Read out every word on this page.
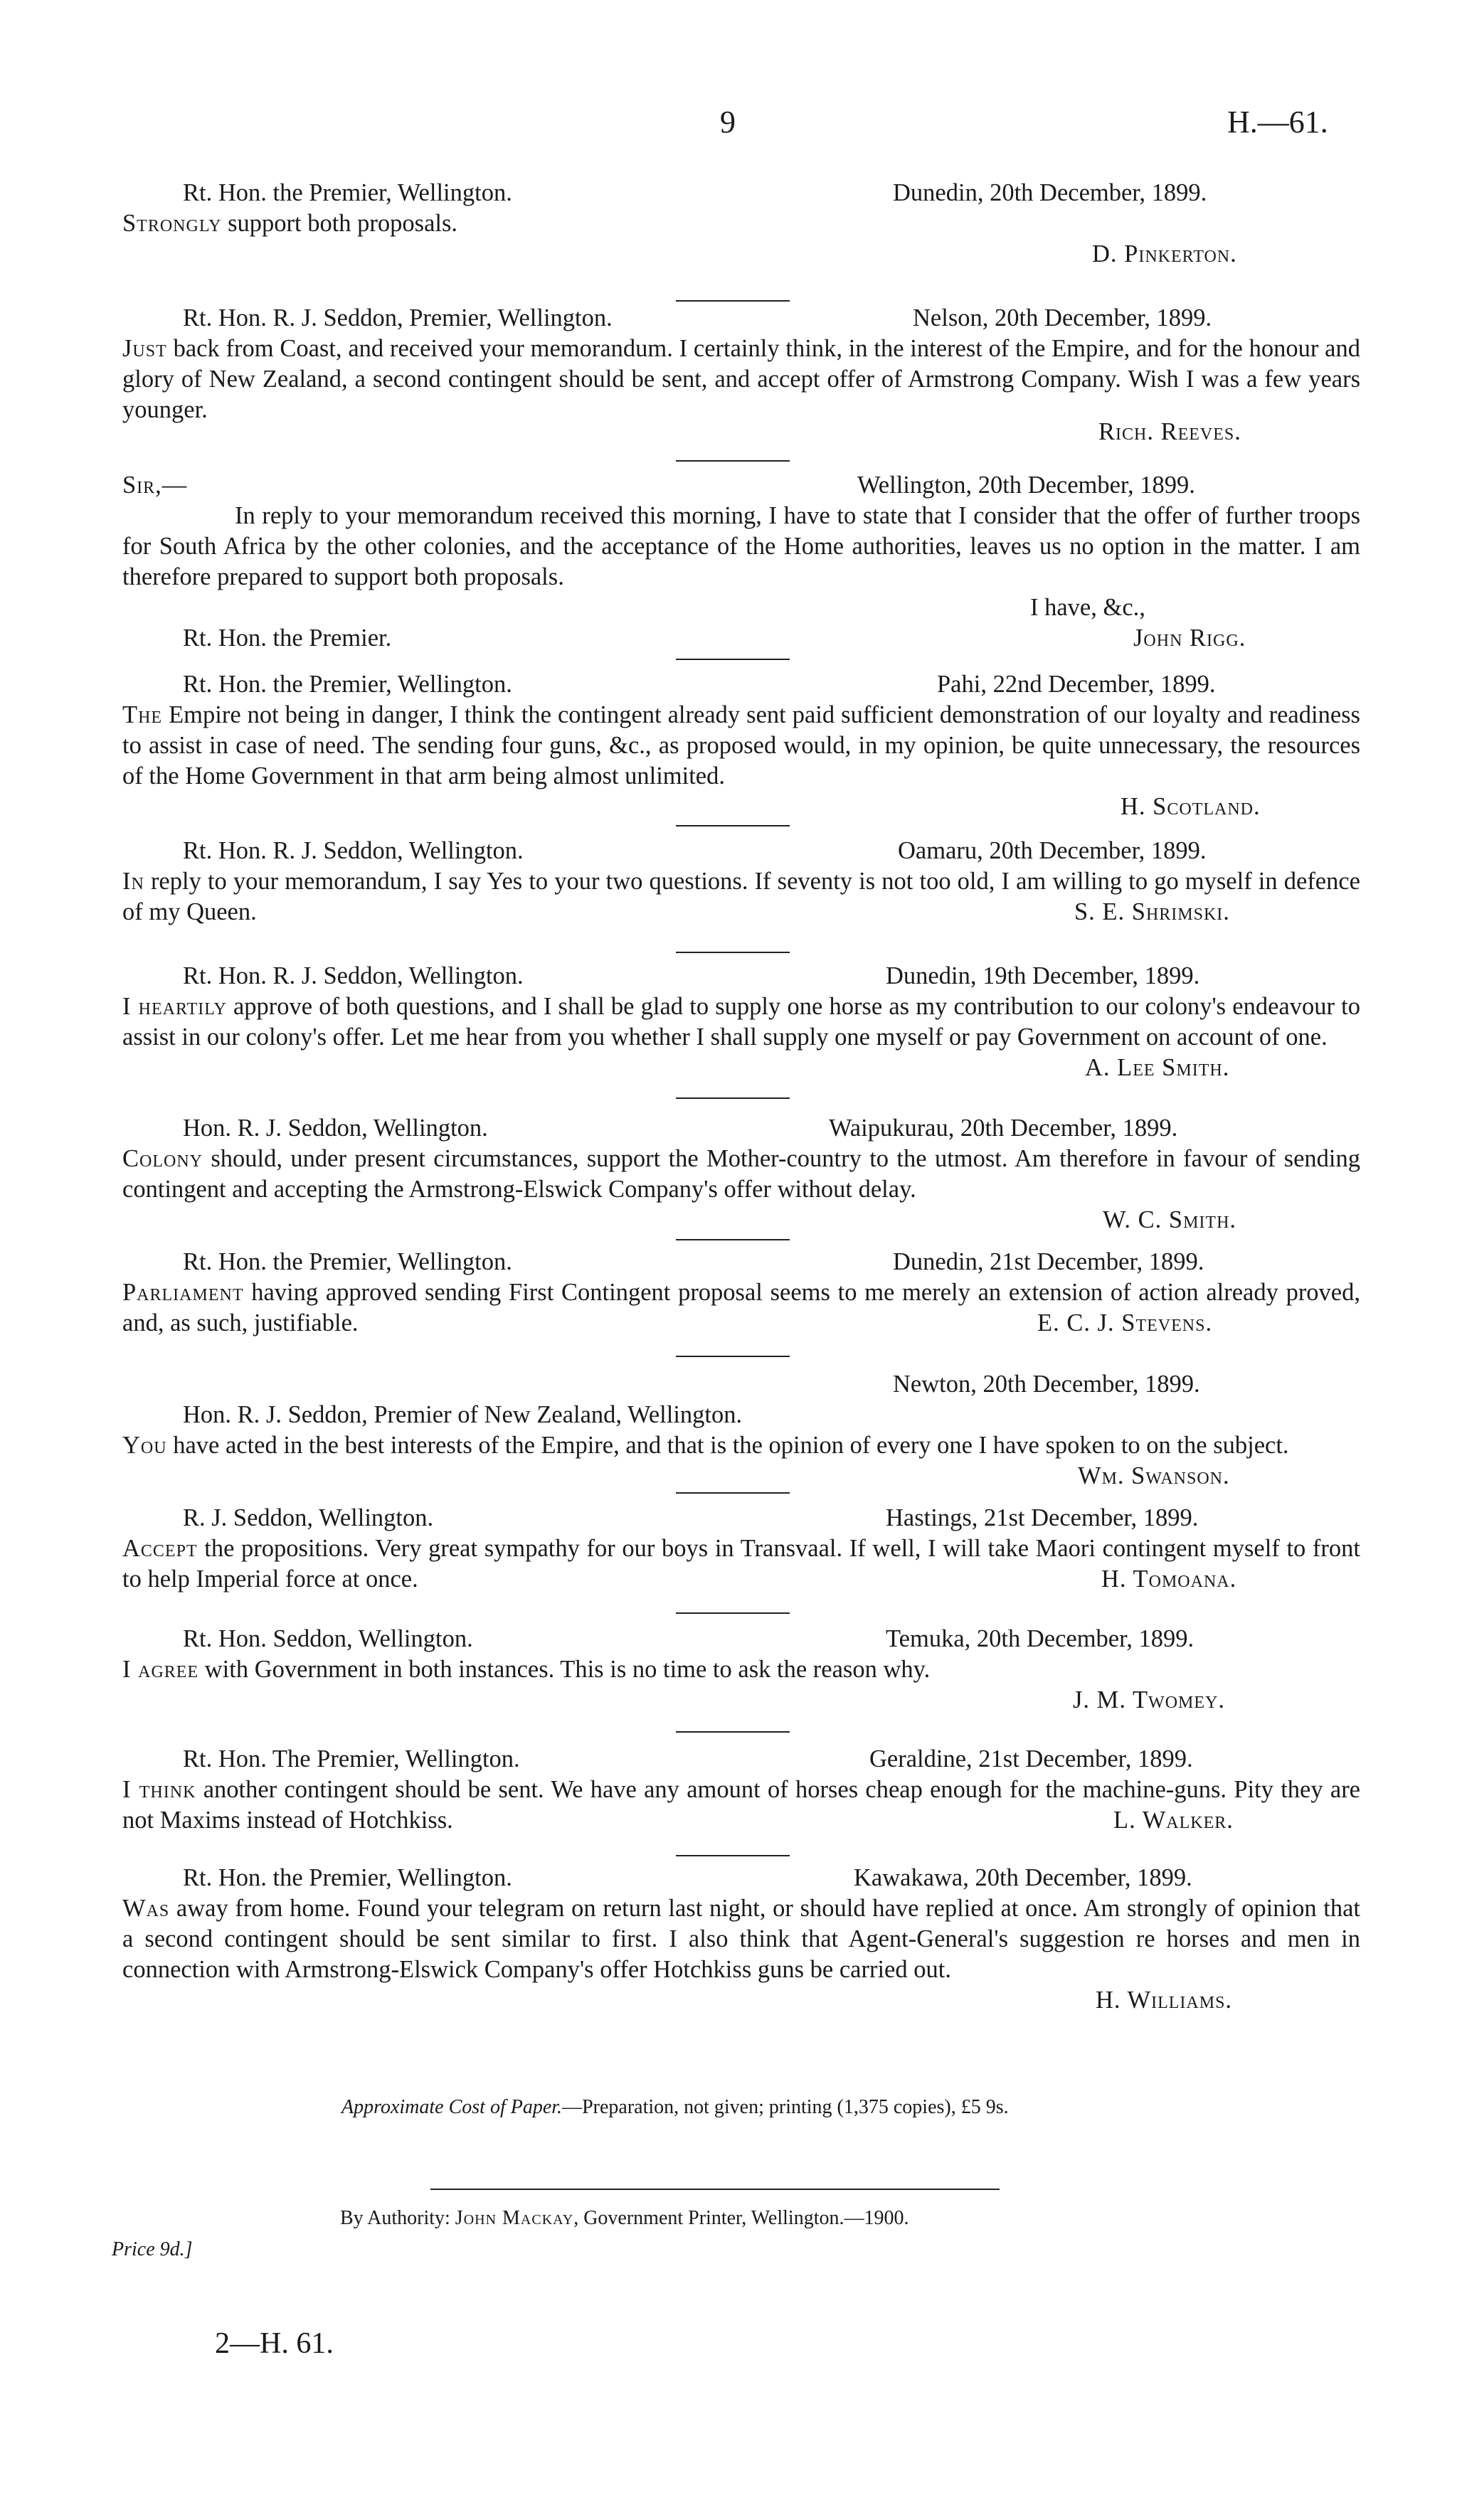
9	H.—61.
Rt. Hon. the Premier, Wellington.	Dunedin, 20th December, 1899.
Strongly support both proposals.
D. Pinkerton.
Rt. Hon. R. J. Seddon, Premier, Wellington.	Nelson, 20th December, 1899.
Just back from Coast, and received your memorandum. I certainly think, in the interest of the Empire, and for the honour and glory of New Zealand, a second contingent should be sent, and accept offer of Armstrong Company. Wish I was a few years younger.
Rich. Reeves.
Sir,—	Wellington, 20th December, 1899.
In reply to your memorandum received this morning, I have to state that I consider that the offer of further troops for South Africa by the other colonies, and the acceptance of the Home authorities, leaves us no option in the matter. I am therefore prepared to support both proposals.
I have, &c.,
Rt. Hon. the Premier.	John Rigg.
Rt. Hon. the Premier, Wellington.	Pahi, 22nd December, 1899.
The Empire not being in danger, I think the contingent already sent paid sufficient demonstration of our loyalty and readiness to assist in case of need. The sending four guns, &c., as proposed would, in my opinion, be quite unnecessary, the resources of the Home Government in that arm being almost unlimited.
H. Scotland.
Rt. Hon. R. J. Seddon, Wellington.	Oamaru, 20th December, 1899.
In reply to your memorandum, I say Yes to your two questions. If seventy is not too old, I am willing to go myself in defence of my Queen.	S. E. Shrimski.
Rt. Hon. R. J. Seddon, Wellington.	Dunedin, 19th December, 1899.
I heartily approve of both questions, and I shall be glad to supply one horse as my contribution to our colony's endeavour to assist in our colony's offer. Let me hear from you whether I shall supply one myself or pay Government on account of one.
A. Lee Smith.
Hon. R. J. Seddon, Wellington.	Waipukurau, 20th December, 1899.
Colony should, under present circumstances, support the Mother-country to the utmost. Am therefore in favour of sending contingent and accepting the Armstrong-Elswick Company's offer without delay.
W. C. Smith.
Rt. Hon. the Premier, Wellington.	Dunedin, 21st December, 1899.
Parliament having approved sending First Contingent proposal seems to me merely an extension of action already proved, and, as such, justifiable.	E. C. J. Stevens.
Newton, 20th December, 1899.
Hon. R. J. Seddon, Premier of New Zealand, Wellington.
You have acted in the best interests of the Empire, and that is the opinion of every one I have spoken to on the subject.
Wm. Swanson.
R. J. Seddon, Wellington.	Hastings, 21st December, 1899.
Accept the propositions. Very great sympathy for our boys in Transvaal. If well, I will take Maori contingent myself to front to help Imperial force at once.	H. Tomoana.
Rt. Hon. Seddon, Wellington.	Temuka, 20th December, 1899.
I agree with Government in both instances. This is no time to ask the reason why.
J. M. Twomey.
Rt. Hon. The Premier, Wellington.	Geraldine, 21st December, 1899.
I think another contingent should be sent. We have any amount of horses cheap enough for the machine-guns. Pity they are not Maxims instead of Hotchkiss.	L. Walker.
Rt. Hon. the Premier, Wellington.	Kawakawa, 20th December, 1899.
Was away from home. Found your telegram on return last night, or should have replied at once. Am strongly of opinion that a second contingent should be sent similar to first. I also think that Agent-General's suggestion re horses and men in connection with Armstrong-Elswick Company's offer Hotchkiss guns be carried out.
H. Williams.
Approximate Cost of Paper.—Preparation, not given; printing (1,375 copies), £5 9s.
By Authority: John Mackay, Government Printer, Wellington.—1900.
Price 9d.]
2—H. 61.
